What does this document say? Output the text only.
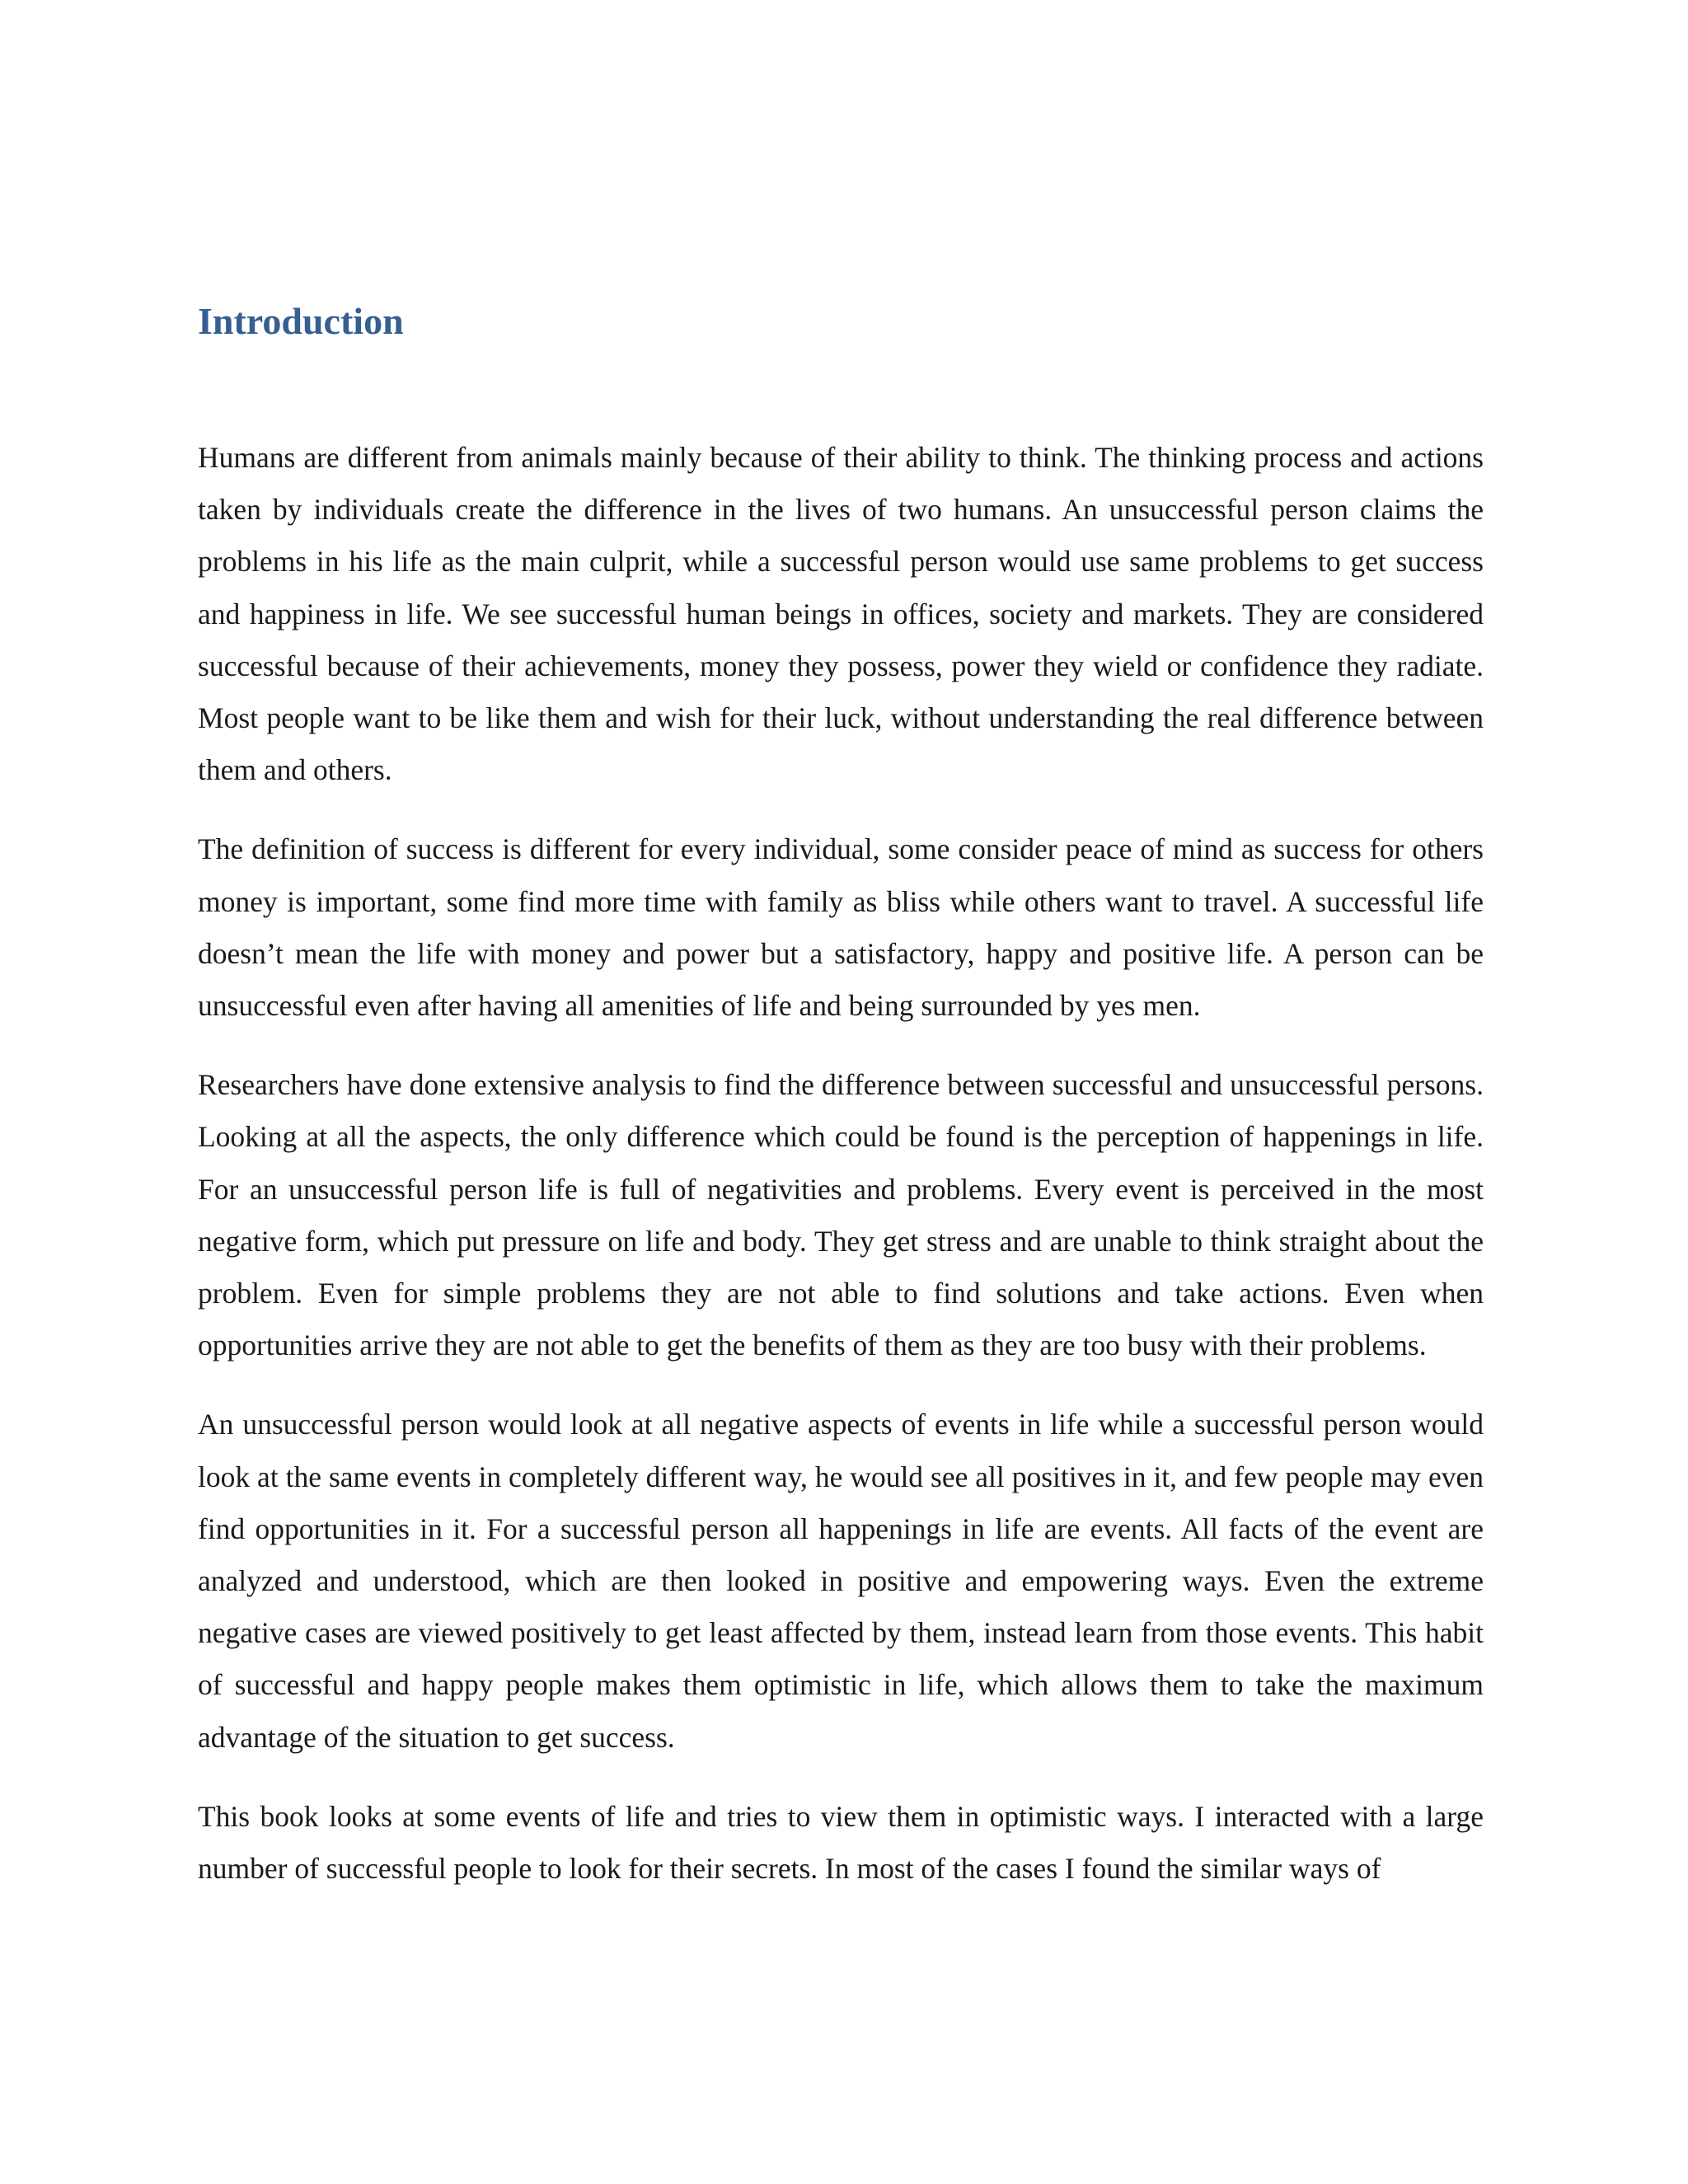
Introduction

Humans are different from animals mainly because of their ability to think. The thinking process and actions taken by individuals create the difference in the lives of two humans. An unsuccessful person claims the problems in his life as the main culprit, while a successful person would use same problems to get success and happiness in life. We see successful human beings in offices, society and markets. They are considered successful because of their achievements, money they possess, power they wield or confidence they radiate. Most people want to be like them and wish for their luck, without understanding the real difference between them and others.

The definition of success is different for every individual, some consider peace of mind as success for others money is important, some find more time with family as bliss while others want to travel. A successful life doesn’t mean the life with money and power but a satisfactory, happy and positive life. A person can be unsuccessful even after having all amenities of life and being surrounded by yes men.

Researchers have done extensive analysis to find the difference between successful and unsuccessful persons. Looking at all the aspects, the only difference which could be found is the perception of happenings in life. For an unsuccessful person life is full of negativities and problems. Every event is perceived in the most negative form, which put pressure on life and body. They get stress and are unable to think straight about the problem. Even for simple problems they are not able to find solutions and take actions. Even when opportunities arrive they are not able to get the benefits of them as they are too busy with their problems.

An unsuccessful person would look at all negative aspects of events in life while a successful person would look at the same events in completely different way, he would see all positives in it, and few people may even find opportunities in it. For a successful person all happenings in life are events. All facts of the event are analyzed and understood, which are then looked in positive and empowering ways. Even the extreme negative cases are viewed positively to get least affected by them, instead learn from those events. This habit of successful and happy people makes them optimistic in life, which allows them to take the maximum advantage of the situation to get success.

This book looks at some events of life and tries to view them in optimistic ways. I interacted with a large number of successful people to look for their secrets. In most of the cases I found the similar ways of
